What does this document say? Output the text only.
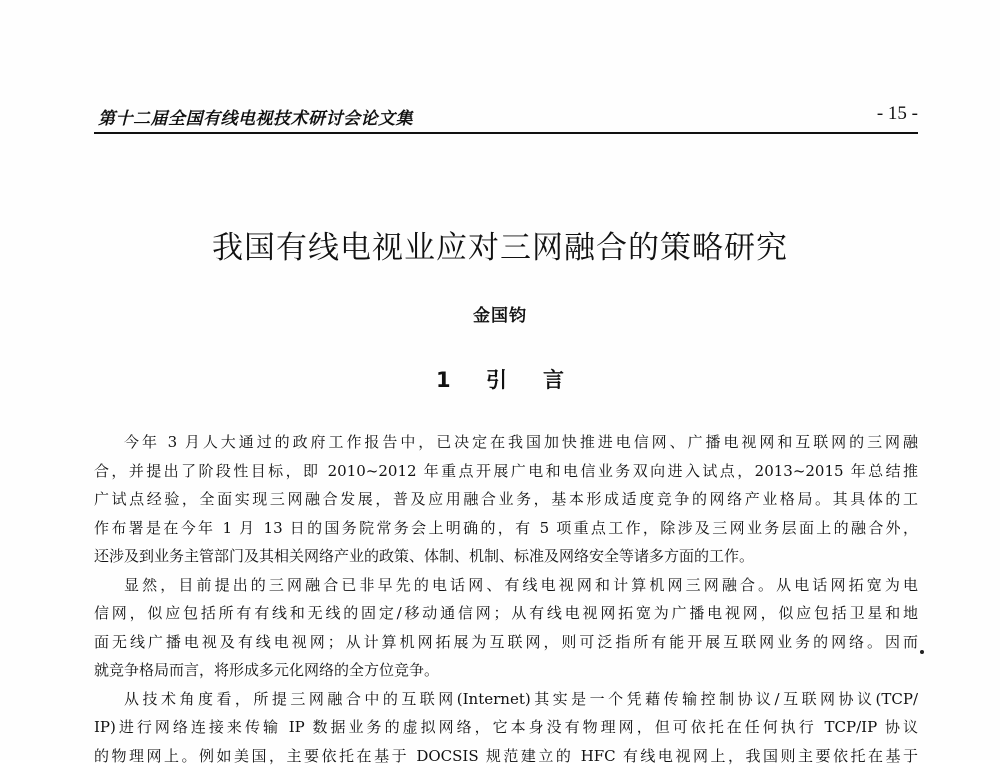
第十二届全国有线电视技术研讨会论文集	- 15 -
我国有线电视业应对三网融合的策略研究
金国钧
1 引言
今年 3 月人大通过的政府工作报告中，已决定在我国加快推进电信网、广播电视网和互联网的三网融
合，并提出了阶段性目标，即 2010~2012 年重点开展广电和电信业务双向进入试点，2013~2015 年总结推
广试点经验，全面实现三网融合发展，普及应用融合业务，基本形成适度竞争的网络产业格局。其具体的工
作布署是在今年 1 月 13 日的国务院常务会上明确的，有 5 项重点工作，除涉及三网业务层面上的融合外，
还涉及到业务主管部门及其相关网络产业的政策、体制、机制、标准及网络安全等诸多方面的工作。
显然，目前提出的三网融合已非早先的电话网、有线电视网和计算机网三网融合。从电话网拓宽为电
信网，似应包括所有有线和无线的固定/移动通信网；从有线电视网拓宽为广播电视网，似应包括卫星和地
面无线广播电视及有线电视网；从计算机网拓展为互联网，则可泛指所有能开展互联网业务的网络。因而
就竞争格局而言，将形成多元化网络的全方位竞争。
从技术角度看，所提三网融合中的互联网(Internet)其实是一个凭藉传输控制协议/互联网协议(TCP/
IP)进行网络连接来传输 IP 数据业务的虚拟网络，它本身没有物理网，但可依托在任何执行 TCP/IP 协议
的物理网上。例如美国，主要依托在基于 DOCSIS 规范建立的 HFC 有线电视网上，我国则主要依托在基于
